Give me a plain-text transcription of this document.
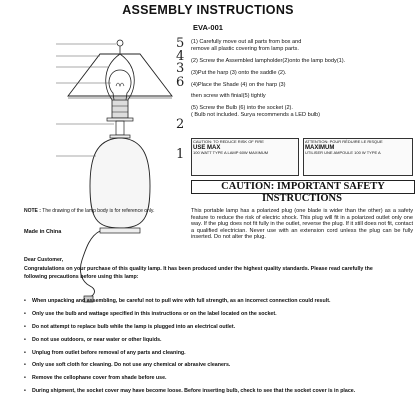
ASSEMBLY INSTRUCTIONS
EVA-001
5
4
3
6
2
1
(1) Carefully move out all parts from box and
remove all plastic covering from lamp parts.
(2) Screw the Assembled lampholder(2)onto the lamp body(1).
(3)Put the harp (3) onto the saddle (2).
(4)Place the Shade (4) on the harp (3)
then screw with finial(5) tightly
(5) Screw the Bulb (6) into the socket (2).
( Bulb not included. Surya recommends a LED bulb)
CAUTION: TO REDUCE RISK OF FIRE
USE MAX
100 WATT TYPE A LAMP 60W MAXIMUM
ATTENTION: POUR RÉDUIRE LE RISQUE
MAXIMUM
UTILISER UNE AMPOULE 100 W TYPE A
CAUTION: IMPORTANT SAFETY
INSTRUCTIONS
This portable lamp has a polarized plug (one blade is wider than the other) as a safety feature to reduce the risk of electric shock. This plug will fit in a polarized outlet only one way. If the plug does not fit fully in the outlet, reverse the plug. If it still does not fit, contact a qualified electrician. Never use with an extension cord unless the plug can be fully inserted. Do not alter the plug.
NOTE : The drawing of the lamp body is for reference only.
Made in China
Dear Customer,
Congratulations on your purchase of this quality lamp. It has been produced under the highest quality standards. Please read carefully the following precautions before using this lamp:
• When unpacking and assembling, be careful not to pull wire with full strength, as an incorrect connection could result.
• Only use the bulb and wattage specified in this instructions or on the label located on the socket.
• Do not attempt to replace bulb while the lamp is plugged into an electrical outlet.
• Do not use outdoors, or near water or other liquids.
• Unplug from outlet before removal of any parts and cleaning.
• Only use soft cloth for cleaning. Do not use any chemical or abrasive cleaners.
• Remove the cellophane cover from shade before use.
• During shipment, the socket cover may have become loose. Before inserting bulb, check to see that the socket cover is in place.
